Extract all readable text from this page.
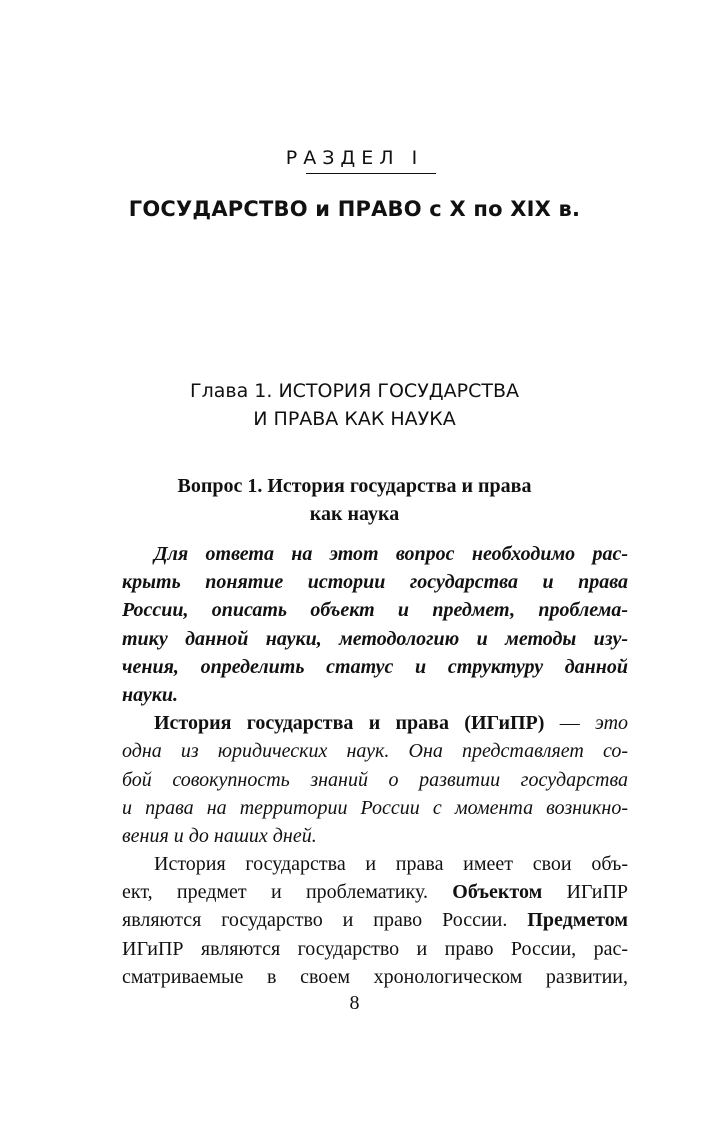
РАЗДЕЛ I
ГОСУДАРСТВО и ПРАВО с X по XIX в.
Глава 1. ИСТОРИЯ ГОСУДАРСТВА
И ПРАВА КАК НАУКА
Вопрос 1. История государства и права
как наука
Для ответа на этот вопрос необходимо рас-
крыть понятие истории государства и права
России, описать объект и предмет, проблема-
тику данной науки, методологию и методы изу-
чения, определить статус и структуру данной
науки.
История государства и права (ИГиПР) — это
одна из юридических наук. Она представляет со-
бой совокупность знаний о развитии государства
и права на территории России с момента возникно-
вения и до наших дней.
История государства и права имеет свои объ-
ект, предмет и проблематику. Объектом ИГиПР
являются государство и право России. Предметом
ИГиПР являются государство и право России, рас-
сматриваемые в своем хронологическом развитии,
8
